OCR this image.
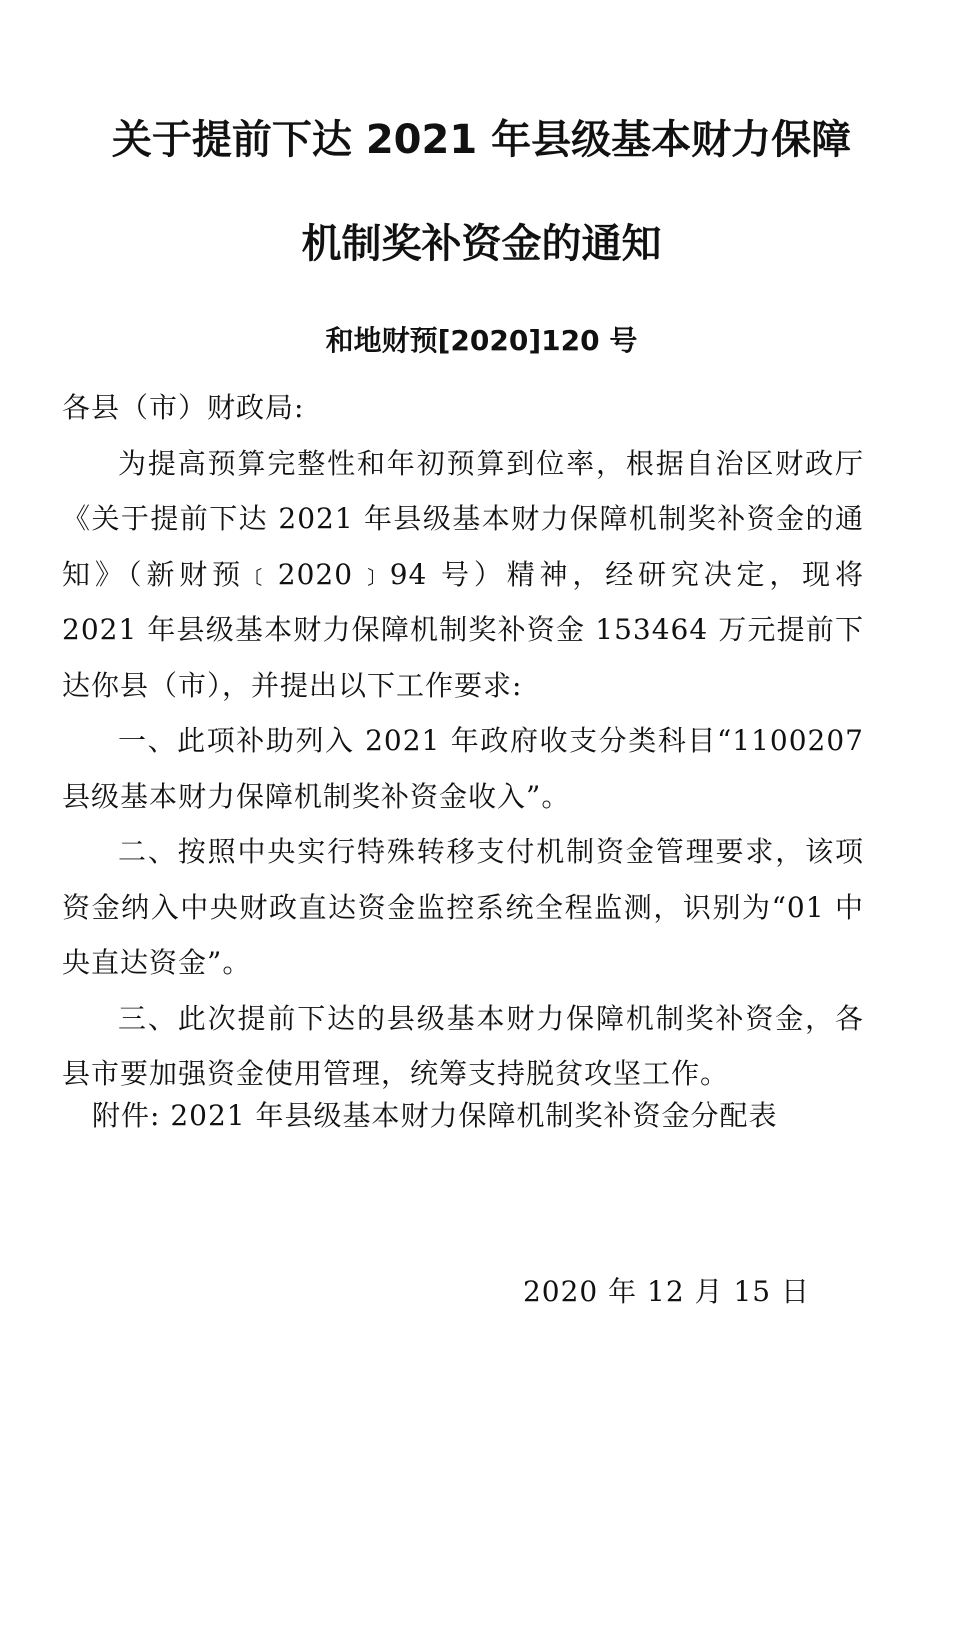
关于提前下达 2021 年县级基本财力保障
机制奖补资金的通知
和地财预[2020]120 号

各县（市）财政局:

为提高预算完整性和年初预算到位率，根据自治区财政厅《关于提前下达 2021 年县级基本财力保障机制奖补资金的通知》（新财预﹝2020﹞94 号）精神，经研究决定，现将 2021 年县级基本财力保障机制奖补资金 153464 万元提前下达你县（市），并提出以下工作要求:

一、此项补助列入 2021 年政府收支分类科目“1100207 县级基本财力保障机制奖补资金收入”。

二、按照中央实行特殊转移支付机制资金管理要求，该项资金纳入中央财政直达资金监控系统全程监测，识别为“01 中央直达资金”。

三、此次提前下达的县级基本财力保障机制奖补资金，各县市要加强资金使用管理，统筹支持脱贫攻坚工作。

附件: 2021 年县级基本财力保障机制奖补资金分配表
2020 年 12 月 15 日
